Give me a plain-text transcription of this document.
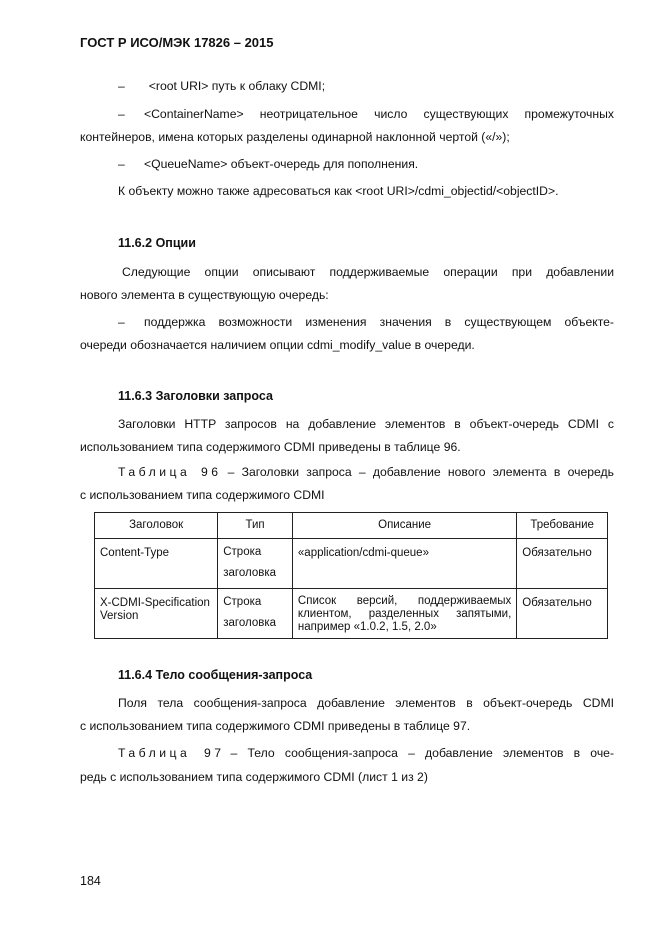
ГОСТ Р ИСО/МЭК 17826 – 2015
– <root URI> путь к облаку CDMI;
– <ContainerName> неотрицательное число существующих промежуточных
контейнеров, имена которых разделены одинарной наклонной чертой («/»);
– <QueueName> объект-очередь для пополнения.
К объекту можно также адресоваться как <root URI>/cdmi_objectid/<objectID>.
11.6.2 Опции
Следующие опции описывают поддерживаемые операции при добавлении
нового элемента в существующую очередь:
– поддержка возможности изменения значения в существующем объекте-
очереди обозначается наличием опции cdmi_modify_value в очереди.
11.6.3 Заголовки запроса
Заголовки HTTP запросов на добавление элементов в объект-очередь CDMI с
использованием типа содержимого CDMI приведены в таблице 96.
Таблица 96 – Заголовки запроса – добавление нового элемента в очередь
с использованием типа содержимого CDMI
Заголовок	Тип	Описание	Требование
Content-Type	Строка заголовка	«application/cdmi-queue»	Обязательно
X-CDMI-SpecificationVersion	Строка заголовка	Список версий, поддерживаемых клиентом, разделенных запятыми, например «1.0.2, 1.5, 2.0»	Обязательно
11.6.4 Тело сообщения-запроса
Поля тела сообщения-запроса добавление элементов в объект-очередь CDMI
с использованием типа содержимого CDMI приведены в таблице 97.
Таблица 97 – Тело сообщения-запроса – добавление элементов в оче-
редь с использованием типа содержимого CDMI (лист 1 из 2)
184
